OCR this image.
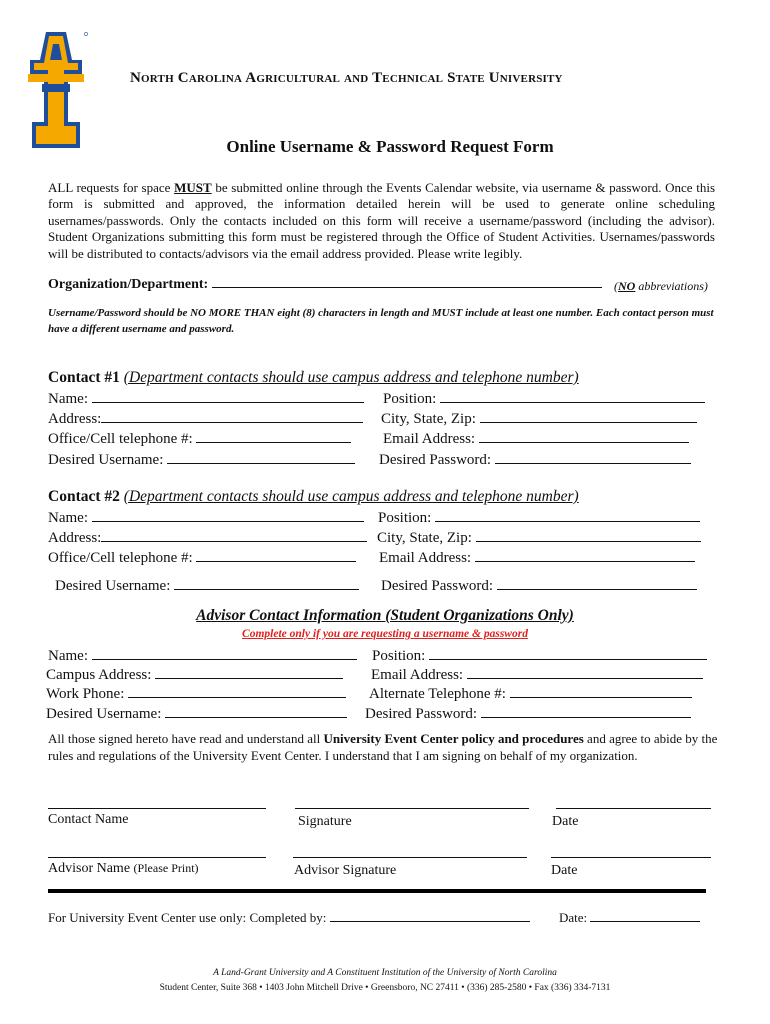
North Carolina Agricultural and Technical State University
Online Username & Password Request Form
ALL requests for space MUST be submitted online through the Events Calendar website, via username & password. Once this form is submitted and approved, the information detailed herein will be used to generate online scheduling usernames/passwords. Only the contacts included on this form will receive a username/password (including the advisor). Student Organizations submitting this form must be registered through the Office of Student Activities. Usernames/passwords will be distributed to contacts/advisors via the email address provided. Please write legibly.
Organization/Department:	(NO abbreviations)
Username/Password should be NO MORE THAN eight (8) characters in length and MUST include at least one number. Each contact person must have a different username and password.
Contact #1 (Department contacts should use campus address and telephone number)
Name:	Position:
Address:	City, State, Zip:
Office/Cell telephone #:	Email Address:
Desired Username:	Desired Password:
Contact #2 (Department contacts should use campus address and telephone number)
Name:	Position:
Address:	City, State, Zip:
Office/Cell telephone #:	Email Address:
Desired Username:	Desired Password:
Advisor Contact Information (Student Organizations Only)
Complete only if you are requesting a username & password
Name:	Position:
Campus Address:	Email Address:
Work Phone:	Alternate Telephone #:
Desired Username:	Desired Password:
All those signed hereto have read and understand all University Event Center policy and procedures and agree to abide by the rules and regulations of the University Event Center. I understand that I am signing on behalf of my organization.
Contact Name	Signature	Date
Advisor Name (Please Print)	Advisor Signature	Date
For University Event Center use only: Completed by:	Date:
A Land-Grant University and A Constituent Institution of the University of North Carolina
Student Center, Suite 368 • 1403 John Mitchell Drive • Greensboro, NC 27411 • (336) 285-2580 • Fax (336) 334-7131
